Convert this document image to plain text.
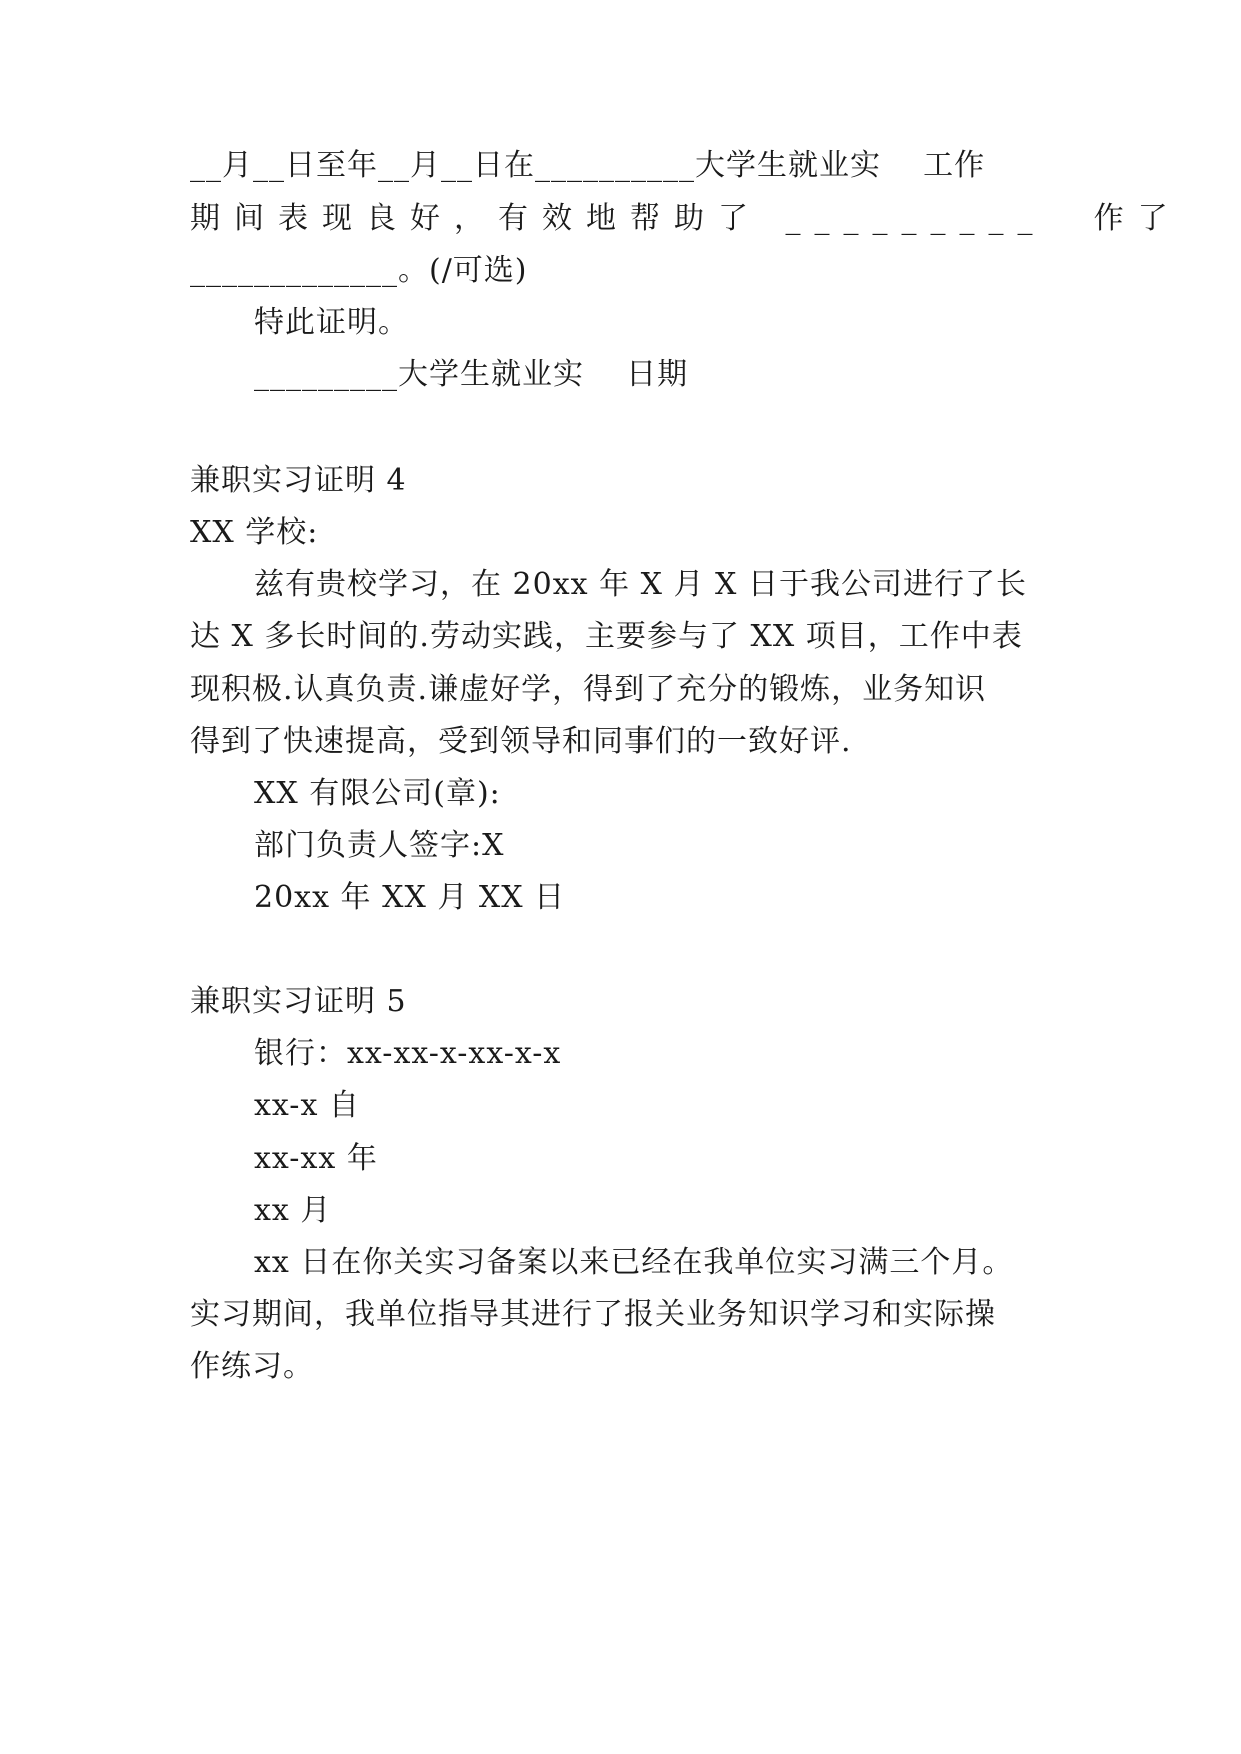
__月__日至年__月__日在__________大学生就业实    工作
期间表现良好，有效地帮助了 _________  作了
_____________。(/可选)
特此证明。
_________大学生就业实    日期
兼职实习证明 4
XX 学校:
兹有贵校学习，在 20xx 年 X 月 X 日于我公司进行了长
达 X 多长时间的.劳动实践，主要参与了 XX 项目，工作中表
现积极.认真负责.谦虚好学，得到了充分的锻炼，业务知识
得到了快速提高，受到领导和同事们的一致好评.
XX 有限公司(章):
部门负责人签字:X
20xx 年 XX 月 XX 日
兼职实习证明 5
银行：xx-xx-x-xx-x-x
xx-x 自
xx-xx 年
xx 月
xx 日在你关实习备案以来已经在我单位实习满三个月。
实习期间，我单位指导其进行了报关业务知识学习和实际操
作练习。
